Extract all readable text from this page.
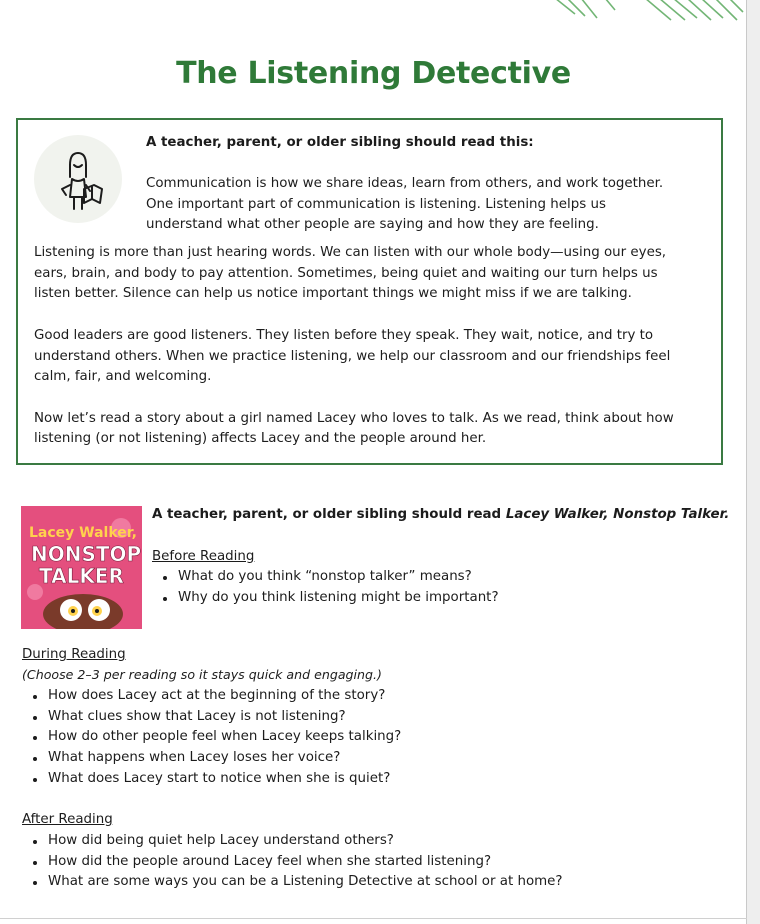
The Listening Detective
A teacher, parent, or older sibling should read this:
Communication is how we share ideas, learn from others, and work together.
One important part of communication is listening. Listening helps us
understand what other people are saying and how they are feeling.
Listening is more than just hearing words. We can listen with our whole body—using our eyes,
ears, brain, and body to pay attention. Sometimes, being quiet and waiting our turn helps us
listen better. Silence can help us notice important things we might miss if we are talking.
Good leaders are good listeners. They listen before they speak. They wait, notice, and try to
understand others. When we practice listening, we help our classroom and our friendships feel
calm, fair, and welcoming.
Now let’s read a story about a girl named Lacey who loves to talk. As we read, think about how
listening (or not listening) affects Lacey and the people around her.
Lacey Walker,
NONSTOP
TALKER
A teacher, parent, or older sibling should read Lacey Walker, Nonstop Talker.
Before Reading
What do you think “nonstop talker” means?
Why do you think listening might be important?
During Reading
(Choose 2–3 per reading so it stays quick and engaging.)
How does Lacey act at the beginning of the story?
What clues show that Lacey is not listening?
How do other people feel when Lacey keeps talking?
What happens when Lacey loses her voice?
What does Lacey start to notice when she is quiet?
After Reading
How did being quiet help Lacey understand others?
How did the people around Lacey feel when she started listening?
What are some ways you can be a Listening Detective at school or at home?
